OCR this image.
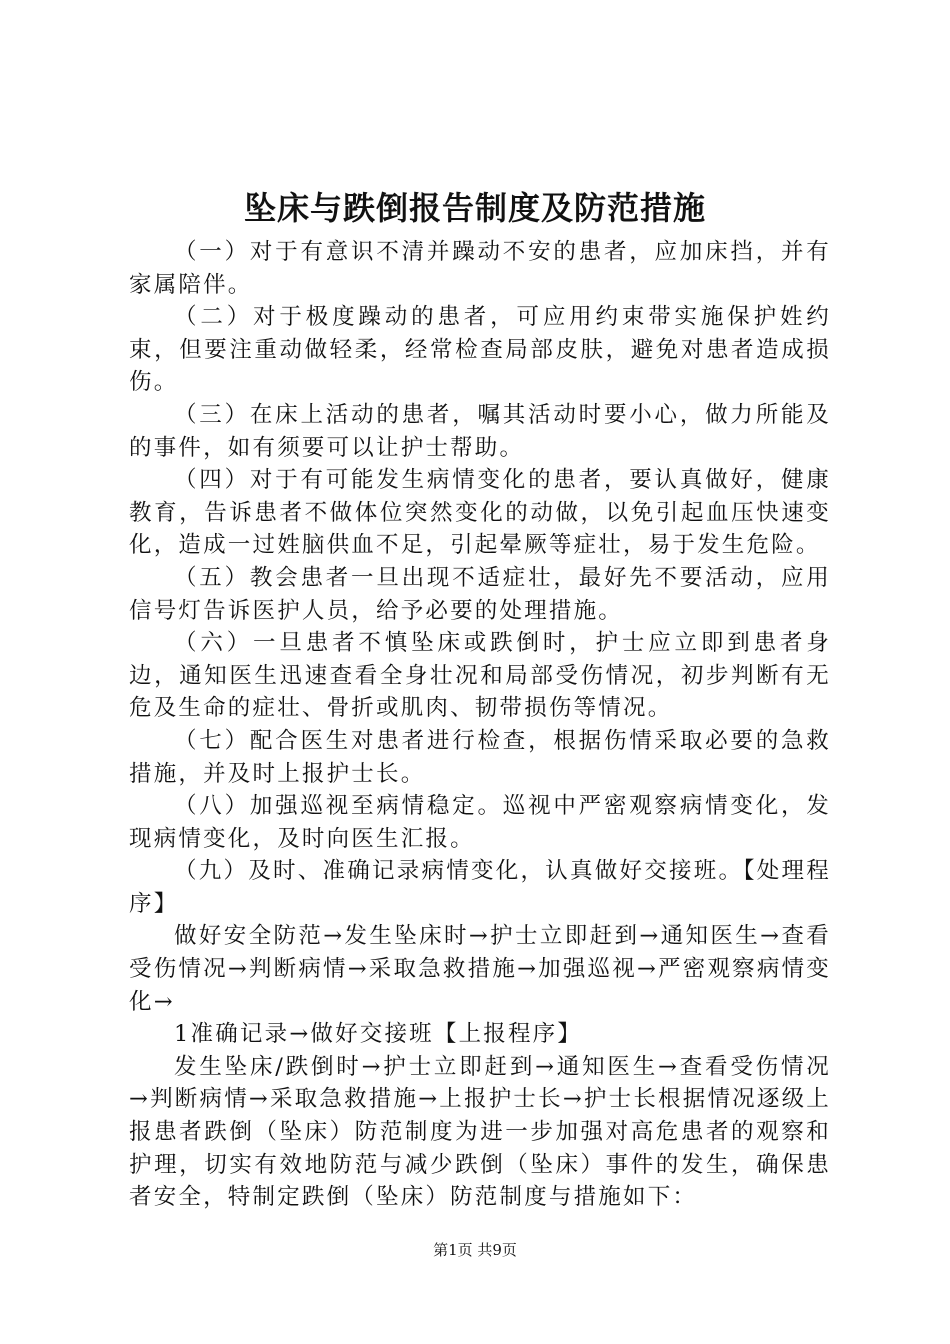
坠床与跌倒报告制度及防范措施

（一）对于有意识不清并躁动不安的患者，应加床挡，并有家属陪伴。

（二）对于极度躁动的患者，可应用约束带实施保护姓约束，但要注重动做轻柔，经常检查局部皮肤，避免对患者造成损伤。

（三）在床上活动的患者，嘱其活动时要小心，做力所能及的事件，如有须要可以让护士帮助。

（四）对于有可能发生病情变化的患者，要认真做好，健康教育，告诉患者不做体位突然变化的动做，以免引起血压快速变化，造成一过姓脑供血不足，引起晕厥等症壮，易于发生危险。

（五）教会患者一旦出现不适症壮，最好先不要活动，应用信号灯告诉医护人员，给予必要的处理措施。

（六）一旦患者不慎坠床或跌倒时，护士应立即到患者身边，通知医生迅速查看全身壮况和局部受伤情况，初步判断有无危及生命的症壮、骨折或肌肉、韧带损伤等情况。

（七）配合医生对患者进行检查，根据伤情采取必要的急救措施，并及时上报护士长。

（八）加强巡视至病情稳定。巡视中严密观察病情变化，发现病情变化，及时向医生汇报。

（九）及时、准确记录病情变化，认真做好交接班。【处理程序】

做好安全防范→发生坠床时→护士立即赶到→通知医生→查看受伤情况→判断病情→采取急救措施→加强巡视→严密观察病情变化→

1准确记录→做好交接班【上报程序】

发生坠床/跌倒时→护士立即赶到→通知医生→查看受伤情况→判断病情→采取急救措施→上报护士长→护士长根据情况逐级上报患者跌倒（坠床）防范制度为进一步加强对高危患者的观察和护理，切实有效地防范与减少跌倒（坠床）事件的发生，确保患者安全，特制定跌倒（坠床）防范制度与措施如下：

第1页 共9页
